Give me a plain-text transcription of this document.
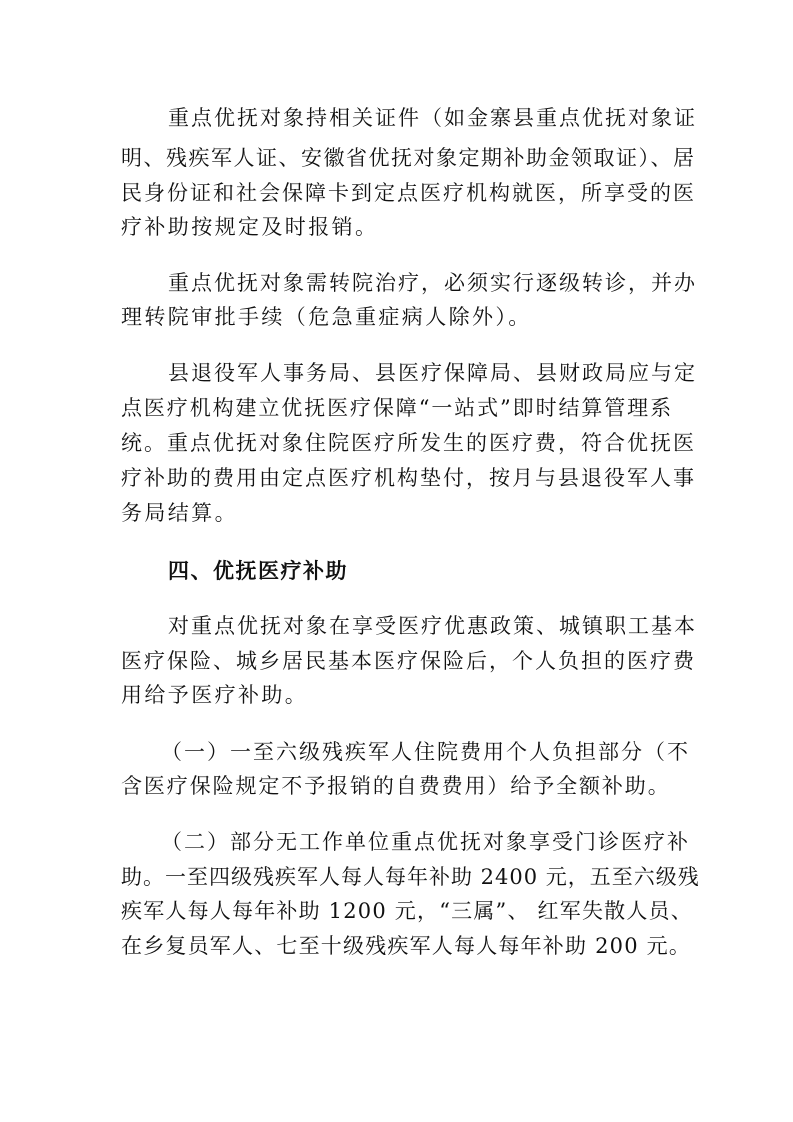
重点优抚对象持相关证件（如金寨县重点优抚对象证
明、残疾军人证、安徽省优抚对象定期补助金领取证）、居
民身份证和社会保障卡到定点医疗机构就医，所享受的医
疗补助按规定及时报销。
重点优抚对象需转院治疗，必须实行逐级转诊，并办
理转院审批手续（危急重症病人除外）。
县退役军人事务局、县医疗保障局、县财政局应与定
点医疗机构建立优抚医疗保障“一站式”即时结算管理系
统。重点优抚对象住院医疗所发生的医疗费，符合优抚医
疗补助的费用由定点医疗机构垫付，按月与县退役军人事
务局结算。
四、优抚医疗补助
对重点优抚对象在享受医疗优惠政策、城镇职工基本
医疗保险、城乡居民基本医疗保险后，个人负担的医疗费
用给予医疗补助。
（一）一至六级残疾军人住院费用个人负担部分（不
含医疗保险规定不予报销的自费费用）给予全额补助。
（二）部分无工作单位重点优抚对象享受门诊医疗补
助。一至四级残疾军人每人每年补助 2400 元，五至六级残
疾军人每人每年补助 1200 元，“三属”、 红军失散人员、
在乡复员军人、七至十级残疾军人每人每年补助 200 元。
